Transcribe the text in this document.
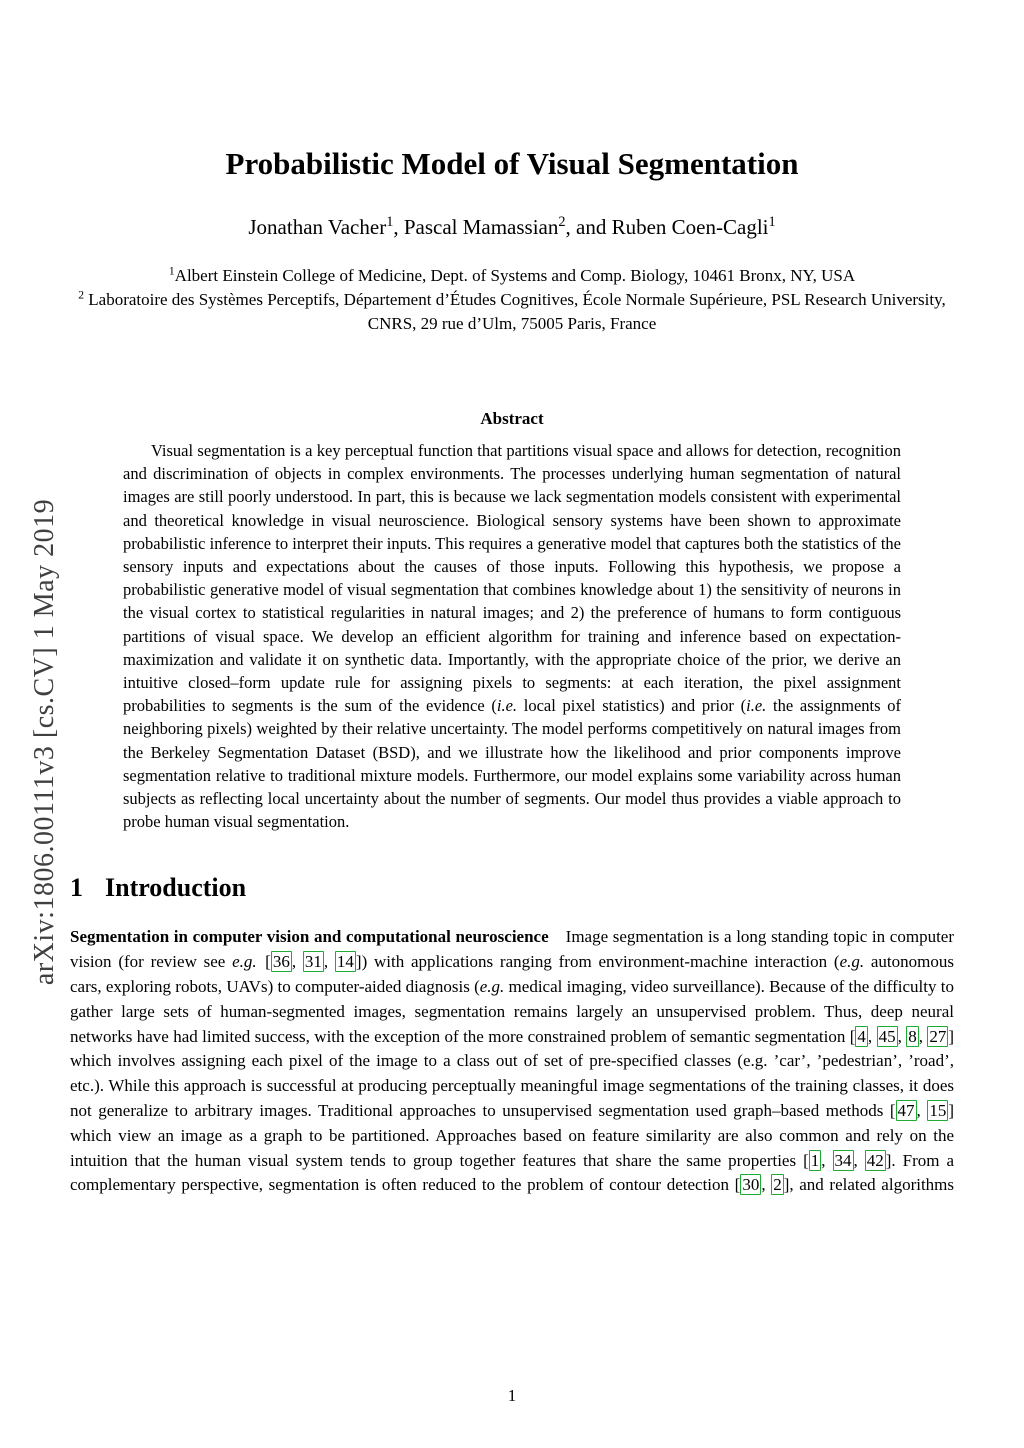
arXiv:1806.00111v3 [cs.CV] 1 May 2019
Probabilistic Model of Visual Segmentation
Jonathan Vacher$^1$, Pascal Mamassian$^2$, and Ruben Coen-Cagli$^1$
$^1$Albert Einstein College of Medicine, Dept. of Systems and Comp. Biology, 10461 Bronx, NY, USA
$^2$ Laboratoire des Systèmes Perceptifs, Département d’Études Cognitives, École Normale Supérieure, PSL Research University, CNRS, 29 rue d’Ulm, 75005 Paris, France
Abstract

Visual segmentation is a key perceptual function that partitions visual space and allows for detection, recognition and discrimination of objects in complex environments. The processes underlying human segmentation of natural images are still poorly understood. In part, this is because we lack segmentation models consistent with experimental and theoretical knowledge in visual neuroscience. Biological sensory systems have been shown to approximate probabilistic inference to interpret their inputs. This requires a generative model that captures both the statistics of the sensory inputs and expectations about the causes of those inputs. Following this hypothesis, we propose a probabilistic generative model of visual segmentation that combines knowledge about 1) the sensitivity of neurons in the visual cortex to statistical regularities in natural images; and 2) the preference of humans to form contiguous partitions of visual space. We develop an efficient algorithm for training and inference based on expectation-maximization and validate it on synthetic data. Importantly, with the appropriate choice of the prior, we derive an intuitive closed–form update rule for assigning pixels to segments: at each iteration, the pixel assignment probabilities to segments is the sum of the evidence (i.e. local pixel statistics) and prior (i.e. the assignments of neighboring pixels) weighted by their relative uncertainty. The model performs competitively on natural images from the Berkeley Segmentation Dataset (BSD), and we illustrate how the likelihood and prior components improve segmentation relative to traditional mixture models. Furthermore, our model explains some variability across human subjects as reflecting local uncertainty about the number of segments. Our model thus provides a viable approach to probe human visual segmentation.

1 Introduction

Segmentation in computer vision and computational neuroscience Image segmentation is a long standing topic in computer vision (for review see e.g. [ 36 , 31 , 14 ]) with applications ranging from environment-machine interaction (e.g. autonomous cars, exploring robots, UAVs) to computer-aided diagnosis (e.g. medical imaging, video surveillance). Because of the difficulty to gather large sets of human-segmented images, segmentation remains largely an unsupervised problem. Thus, deep neural networks have had limited success, with the exception of the more constrained problem of semantic segmentation [ 4 , 45 , 8 , 27 ] which involves assigning each pixel of the image to a class out of set of pre-specified classes (e.g. ’car’, ’pedestrian’, ’road’, etc.). While this approach is successful at producing perceptually meaningful image segmentations of the training classes, it does not generalize to arbitrary images. Traditional approaches to unsupervised segmentation used graph–based methods [ 47 , 15 ] which view an image as a graph to be partitioned. Approaches based on feature similarity are also common and rely on the intuition that the human visual system tends to group together features that share the same properties [ 1 , 34 , 42 ]. From a complementary perspective, segmentation is often reduced to the problem of contour detection [ 30 , 2 ], and related algorithms

1
